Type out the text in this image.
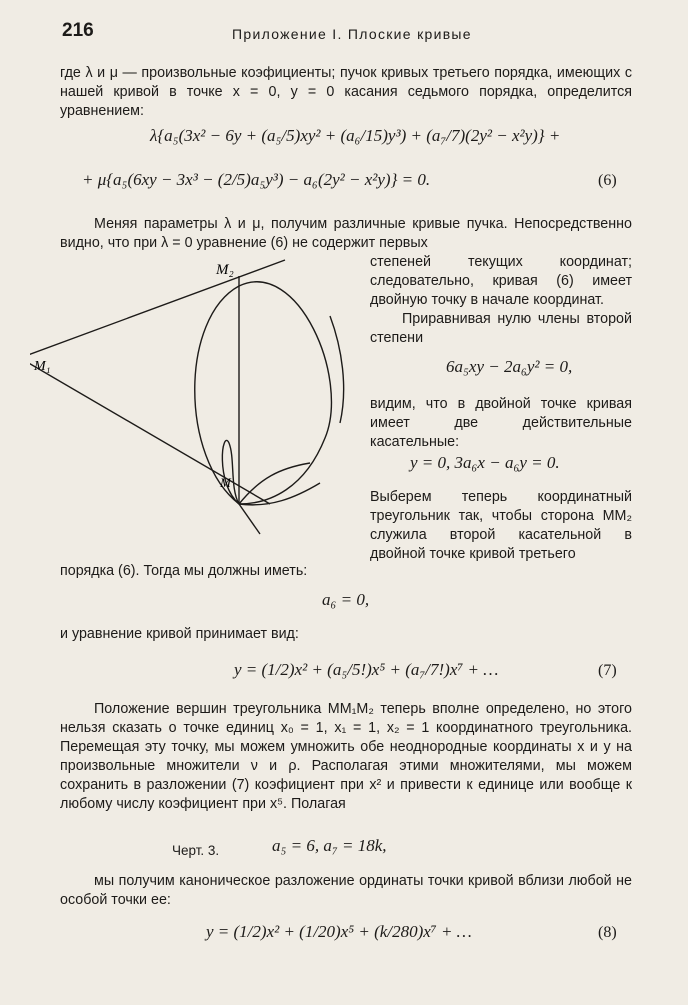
216	Приложение I. Плоские кривые
где λ и μ — произвольные коэфициенты; пучок кривых третьего порядка, имеющих с нашей кривой в точке x = 0, y = 0 касания седьмого порядка, определится уравнением:
λ{a₅(3x² − 6y + (a₅/5)xy² + (a₆/15)y³) + (a₇/7)(2y² − x²y)} +
+ μ{a₅(6xy − 3x³ − (2/5)a₅y³) − a₆(2y² − x²y)} = 0.	(6)
Меняя параметры λ и μ, получим различные кривые пучка. Непосредственно видно, что при λ = 0 уравнение (6) не содержит первых
степеней текущих координат; следовательно, кривая (6) имеет двойную точку в начале координат.
Приравнивая нулю члены второй степени
6a₅xy − 2a₆y² = 0,
видим, что в двойной точке кривая имеет две действительные касательные:
y = 0, 3a₆x − a₆y = 0.
Выберем теперь координатный треугольник так, чтобы сторона MM₂ служила второй касательной в двойной точке кривой третьего
M₂
M₁
M
Черт. 3.
порядка (6). Тогда мы должны иметь:
a₆ = 0,
и уравнение кривой принимает вид:
y = (1/2)x² + (a₅/5!)x⁵ + (a₇/7!)x⁷ + …	(7)
Положение вершин треугольника MM₁M₂ теперь вполне определено, но этого нельзя сказать о точке единиц x₀ = 1, x₁ = 1, x₂ = 1 координатного треугольника. Перемещая эту точку, мы можем умножить обе неоднородные координаты x и y на произвольные множители ν и ρ. Располагая этими множителями, мы можем сохранить в разложении (7) коэфициент при x² и привести к единице или вообще к любому числу коэфициент при x⁵. Полагая
a₅ = 6, a₇ = 18k,
мы получим каноническое разложение ординаты точки кривой вблизи любой не особой точки ее:
y = (1/2)x² + (1/20)x⁵ + (k/280)x⁷ + …	(8)
